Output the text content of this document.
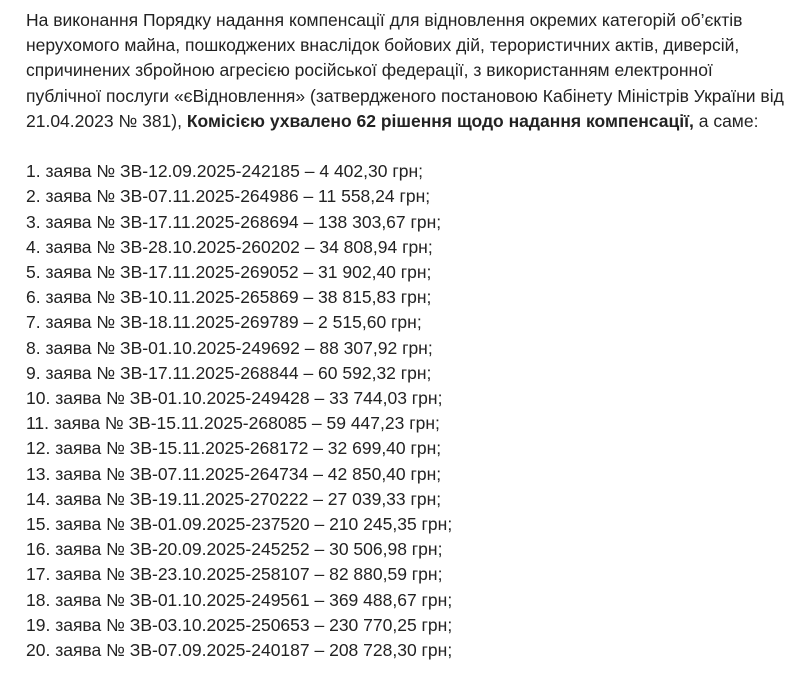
На виконання Порядку надання компенсації для відновлення окремих категорій об’єктів нерухомого майна, пошкоджених внаслідок бойових дій, терористичних актів, диверсій, спричинених збройною агресією російської федерації, з використанням електронної публічної послуги «єВідновлення» (затвердженого постановою Кабінету Міністрів України від 21.04.2023 № 381), Комісією ухвалено 62 рішення щодо надання компенсації, а саме:

1. заява № ЗВ-12.09.2025-242185 – 4 402,30 грн;
2. заява № ЗВ-07.11.2025-264986 – 11 558,24 грн;
3. заява № ЗВ-17.11.2025-268694 – 138 303,67 грн;
4. заява № ЗВ-28.10.2025-260202 – 34 808,94 грн;
5. заява № ЗВ-17.11.2025-269052 – 31 902,40 грн;
6. заява № ЗВ-10.11.2025-265869 – 38 815,83 грн;
7. заява № ЗВ-18.11.2025-269789 – 2 515,60 грн;
8. заява № ЗВ-01.10.2025-249692 – 88 307,92 грн;
9. заява № ЗВ-17.11.2025-268844 – 60 592,32 грн;
10. заява № ЗВ-01.10.2025-249428 – 33 744,03 грн;
11. заява № ЗВ-15.11.2025-268085 – 59 447,23 грн;
12. заява № ЗВ-15.11.2025-268172 – 32 699,40 грн;
13. заява № ЗВ-07.11.2025-264734 – 42 850,40 грн;
14. заява № ЗВ-19.11.2025-270222 – 27 039,33 грн;
15. заява № ЗВ-01.09.2025-237520 – 210 245,35 грн;
16. заява № ЗВ-20.09.2025-245252 – 30 506,98 грн;
17. заява № ЗВ-23.10.2025-258107 – 82 880,59 грн;
18. заява № ЗВ-01.10.2025-249561 – 369 488,67 грн;
19. заява № ЗВ-03.10.2025-250653 – 230 770,25 грн;
20. заява № ЗВ-07.09.2025-240187 – 208 728,30 грн;
